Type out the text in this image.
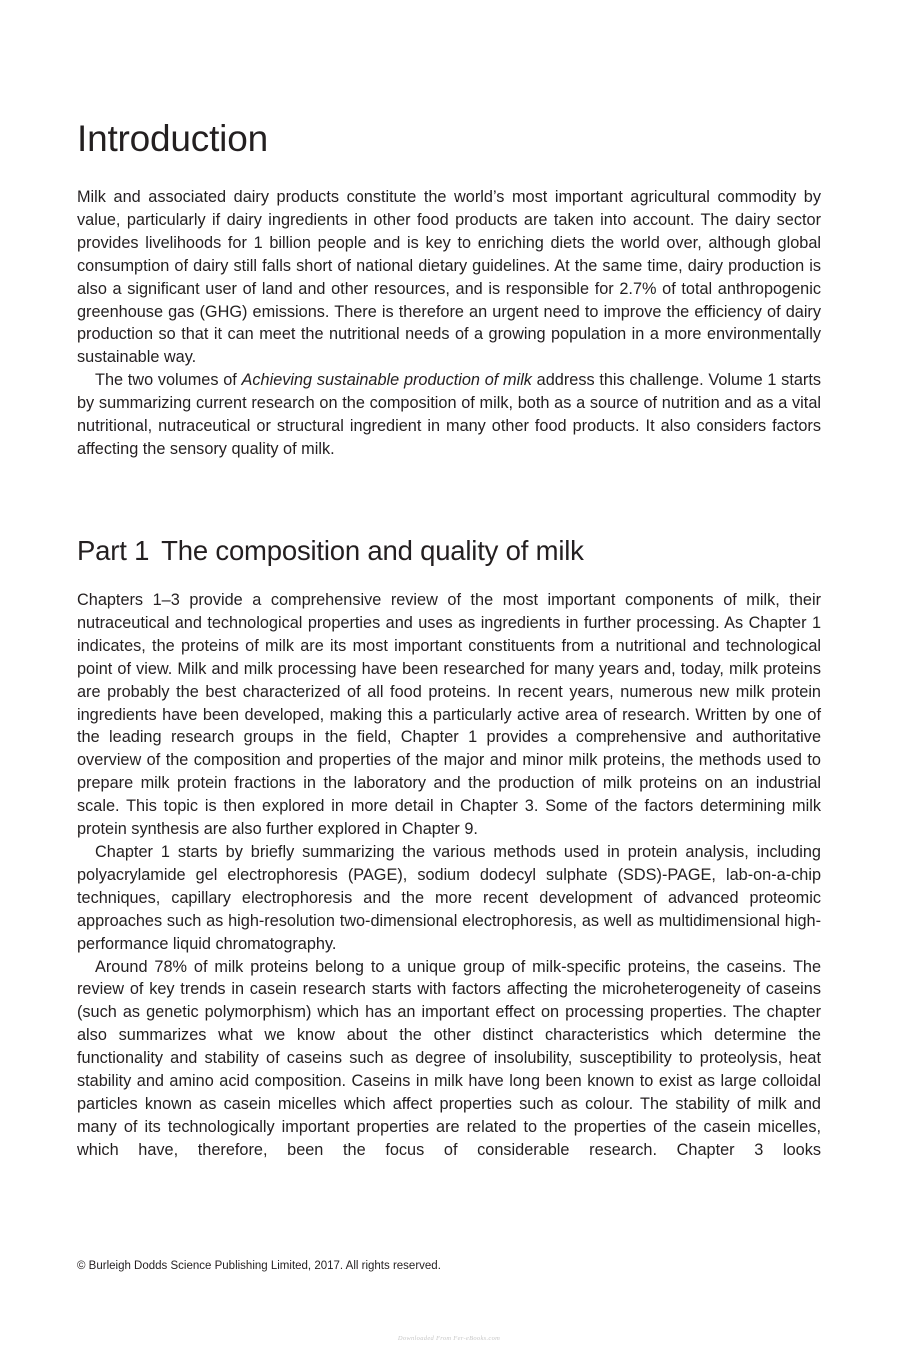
Introduction

Milk and associated dairy products constitute the world’s most important agricultural commodity by value, particularly if dairy ingredients in other food products are taken into account. The dairy sector provides livelihoods for 1 billion people and is key to enriching diets the world over, although global consumption of dairy still falls short of national dietary guidelines. At the same time, dairy production is also a significant user of land and other resources, and is responsible for 2.7% of total anthropogenic greenhouse gas (GHG) emissions. There is therefore an urgent need to improve the efficiency of dairy production so that it can meet the nutritional needs of a growing population in a more environmentally sustainable way.

The two volumes of Achieving sustainable production of milk address this challenge. Volume 1 starts by summarizing current research on the composition of milk, both as a source of nutrition and as a vital nutritional, nutraceutical or structural ingredient in many other food products. It also considers factors affecting the sensory quality of milk.

Part 1 The composition and quality of milk

Chapters 1–3 provide a comprehensive review of the most important components of milk, their nutraceutical and technological properties and uses as ingredients in further processing. As Chapter 1 indicates, the proteins of milk are its most important constituents from a nutritional and technological point of view. Milk and milk processing have been researched for many years and, today, milk proteins are probably the best characterized of all food proteins. In recent years, numerous new milk protein ingredients have been developed, making this a particularly active area of research. Written by one of the leading research groups in the field, Chapter 1 provides a comprehensive and authoritative overview of the composition and properties of the major and minor milk proteins, the methods used to prepare milk protein fractions in the laboratory and the production of milk proteins on an industrial scale. This topic is then explored in more detail in Chapter 3. Some of the factors determining milk protein synthesis are also further explored in Chapter 9.

Chapter 1 starts by briefly summarizing the various methods used in protein analysis, including polyacrylamide gel electrophoresis (PAGE), sodium dodecyl sulphate (SDS)-PAGE, lab-on-a-chip techniques, capillary electrophoresis and the more recent development of advanced proteomic approaches such as high-resolution two-dimensional electrophoresis, as well as multidimensional high-performance liquid chromatography.

Around 78% of milk proteins belong to a unique group of milk-specific proteins, the caseins. The review of key trends in casein research starts with factors affecting the microheterogeneity of caseins (such as genetic polymorphism) which has an important effect on processing properties. The chapter also summarizes what we know about the other distinct characteristics which determine the functionality and stability of caseins such as degree of insolubility, susceptibility to proteolysis, heat stability and amino acid composition. Caseins in milk have long been known to exist as large colloidal particles known as casein micelles which affect properties such as colour. The stability of milk and many of its technologically important properties are related to the properties of the casein micelles, which have, therefore, been the focus of considerable research. Chapter 3 looks

© Burleigh Dodds Science Publishing Limited, 2017. All rights reserved.
Downloaded From Fer-eBooks.com
